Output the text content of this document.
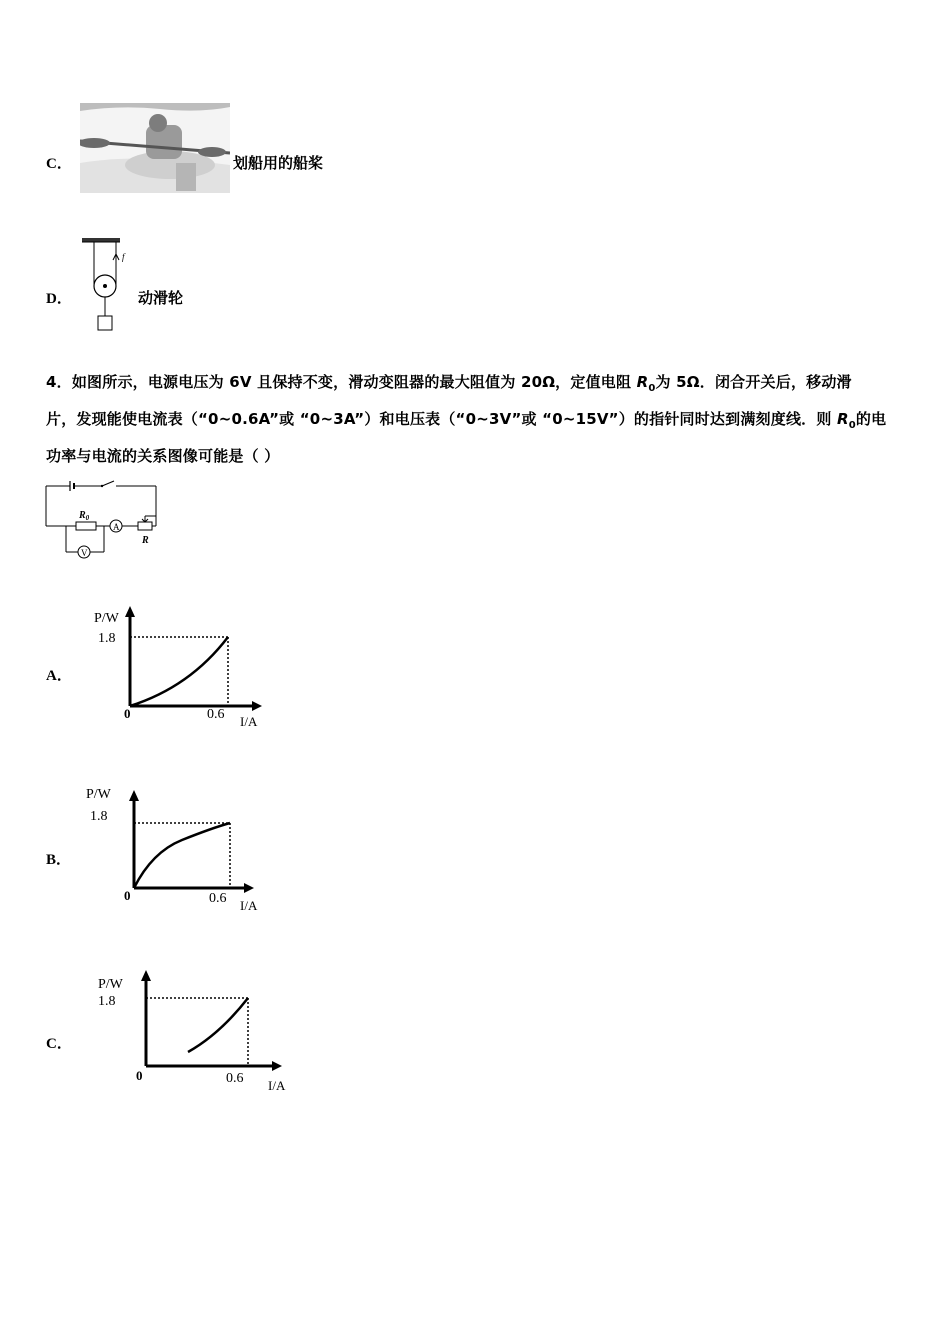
C．	划船用的船桨
D．
f
动滑轮
4．如图所示，电源电压为 6V 且保持不变，滑动变阻器的最大阻值为 20Ω，定值电阻 $R_0$为 5Ω．闭合开关后，移动滑
片，发现能使电流表（“0~0.6A”或 “0~3A”）和电压表（“0~3V”或 “0~15V”）的指针同时达到满刻度线．则 $R_0$的电
功率与电流的关系图像可能是（ ）
$R_0$
A
R
V
A．
P/W
1.8
0	0.6 I/A
B．
P/W
1.8
0	0.6 I/A
C．
P/W
1.8
0	0.6 I/A
